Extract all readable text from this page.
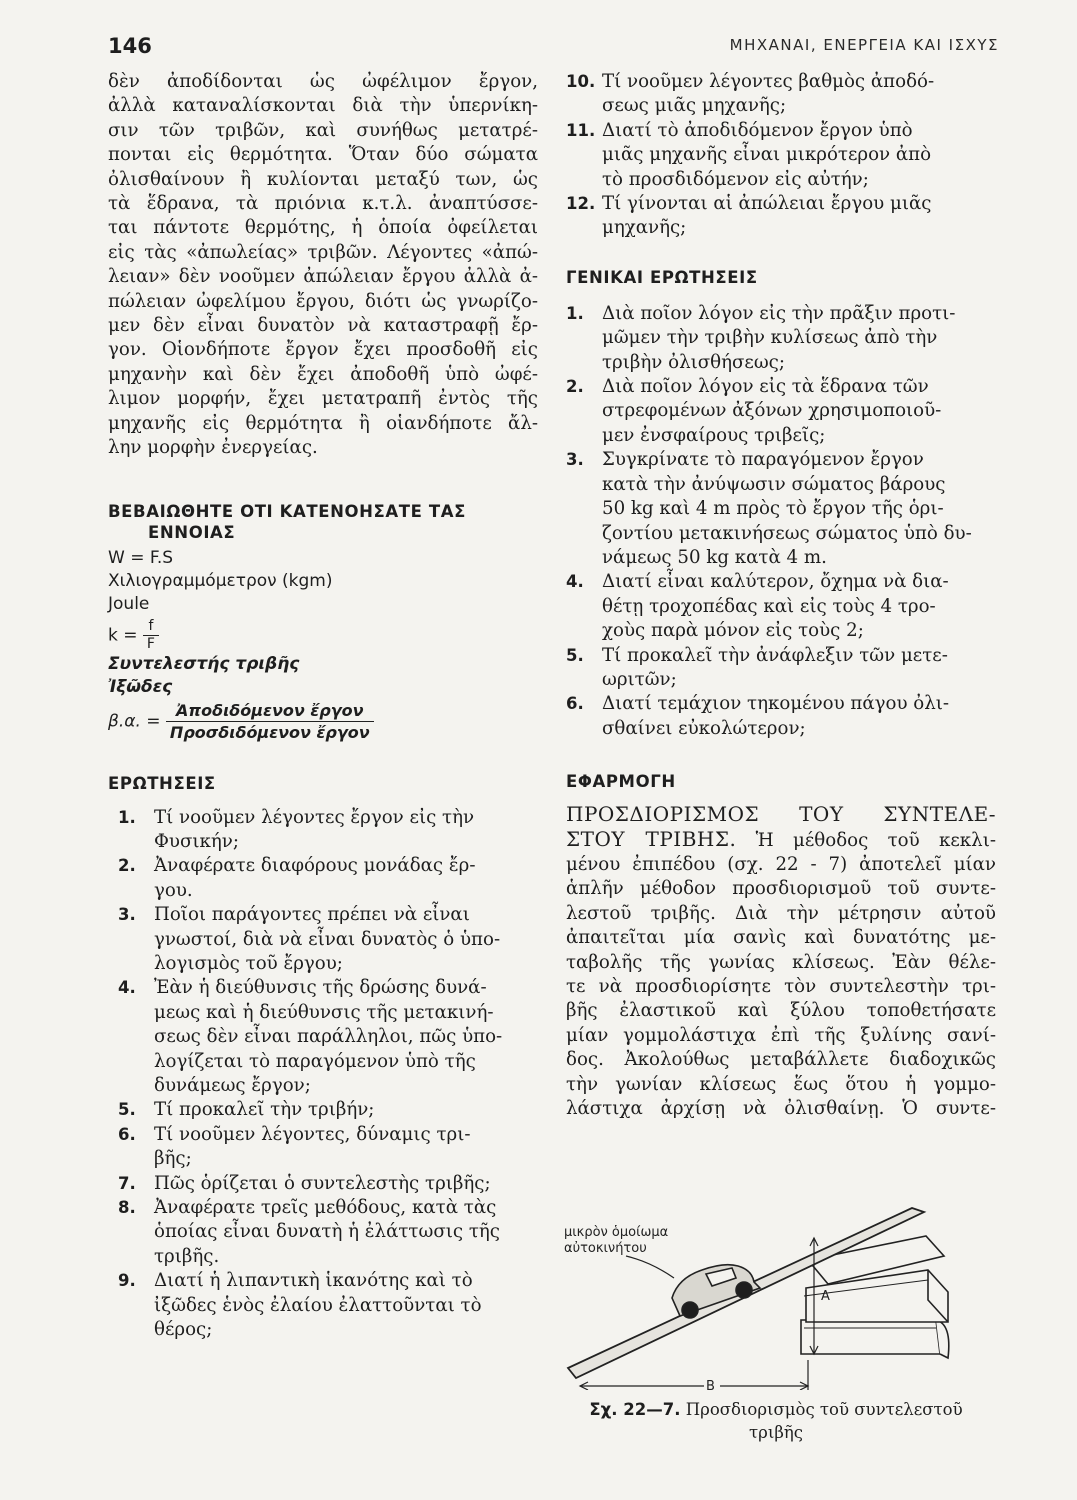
146	ΜΗΧΑΝΑΙ, ΕΝΕΡΓΕΙΑ ΚΑΙ ΙΣΧΥΣ
δὲν ἀποδίδονται ὡς ὠφέλιμον ἔργον,
ἀλλὰ καταναλίσκονται διὰ τὴν ὑπερνίκη-
σιν τῶν τριβῶν, καὶ συνήθως μετατρέ-
πονται εἰς θερμότητα. Ὅταν δύο σώματα
ὀλισθαίνουν ἢ κυλίονται μεταξύ των, ὡς
τὰ ἕδρανα, τὰ πριόνια κ.τ.λ. ἀναπτύσσε-
ται πάντοτε θερμότης, ἡ ὁποία ὀφείλεται
εἰς τὰς «ἀπωλείας» τριβῶν. Λέγοντες «ἀπώ-
λειαν» δὲν νοοῦμεν ἀπώλειαν ἔργου ἀλλὰ ἀ-
πώλειαν ὠφελίμου ἔργου, διότι ὡς γνωρίζο-
μεν δὲν εἶναι δυνατὸν νὰ καταστραφῇ ἔρ-
γον. Οἱονδήποτε ἔργον ἔχει προσδοθῆ εἰς
μηχανὴν καὶ δὲν ἔχει ἀποδοθῆ ὑπὸ ὠφέ-
λιμον μορφήν, ἔχει μετατραπῆ ἐντὸς τῆς
μηχανῆς εἰς θερμότητα ἢ οἱανδήποτε ἄλ-
λην μορφὴν ἐνεργείας.
ΒΕΒΑΙΩΘΗΤΕ ΟΤΙ ΚΑΤΕΝΟΗΣΑΤΕ ΤΑΣ
ΕΝΝΟΙΑΣ
W = F.S
Χιλιογραμμόμετρον (kgm)
Joule
$k = \frac{f}{F}$
Συντελεστής τριβῆς
Ἰξῶδες
β.α. = $\frac{\text{Ἀποδιδόμενον ἔργον}}{\text{Προσδιδόμενον ἔργον}}$
ΕΡΩΤΗΣΕΙΣ
1. Τί νοοῦμεν λέγοντες ἔργον εἰς τὴν
Φυσικήν;
2. Ἀναφέρατε διαφόρους μονάδας ἔρ-
γου.
3. Ποῖοι παράγοντες πρέπει νὰ εἶναι
γνωστοί, διὰ νὰ εἶναι δυνατὸς ὁ ὑπο-
λογισμὸς τοῦ ἔργου;
4. Ἐὰν ἡ διεύθυνσις τῆς δρώσης δυνά-
μεως καὶ ἡ διεύθυνσις τῆς μετακινή-
σεως δὲν εἶναι παράλληλοι, πῶς ὑπο-
λογίζεται τὸ παραγόμενον ὑπὸ τῆς
δυνάμεως ἔργον;
5. Τί προκαλεῖ τὴν τριβήν;
6. Τί νοοῦμεν λέγοντες, δύναμις τρι-
βῆς;
7. Πῶς ὁρίζεται ὁ συντελεστὴς τριβῆς;
8. Ἀναφέρατε τρεῖς μεθόδους, κατὰ τὰς
ὁποίας εἶναι δυνατὴ ἡ ἐλάττωσις τῆς
τριβῆς.
9. Διατί ἡ λιπαντικὴ ἱκανότης καὶ τὸ
ἰξῶδες ἑνὸς ἐλαίου ἐλαττοῦνται τὸ
θέρος;
10. Τί νοοῦμεν λέγοντες βαθμὸς ἀποδό-
σεως μιᾶς μηχανῆς;
11. Διατί τὸ ἀποδιδόμενον ἔργον ὑπὸ
μιᾶς μηχανῆς εἶναι μικρότερον ἀπὸ
τὸ προσδιδόμενον εἰς αὐτήν;
12. Τί γίνονται αἱ ἀπώλειαι ἔργου μιᾶς
μηχανῆς;
ΓΕΝΙΚΑΙ ΕΡΩΤΗΣΕΙΣ
1. Διὰ ποῖον λόγον εἰς τὴν πρᾶξιν προτι-
μῶμεν τὴν τριβὴν κυλίσεως ἀπὸ τὴν
τριβὴν ὀλισθήσεως;
2. Διὰ ποῖον λόγον εἰς τὰ ἕδρανα τῶν
στρεφομένων ἀξόνων χρησιμοποιοῦ-
μεν ἐνσφαίρους τριβεῖς;
3. Συγκρίνατε τὸ παραγόμενον ἔργον
κατὰ τὴν ἀνύψωσιν σώματος βάρους
50 kg καὶ 4 m πρὸς τὸ ἔργον τῆς ὁρι-
ζοντίου μετακινήσεως σώματος ὑπὸ δυ-
νάμεως 50 kg κατὰ 4 m.
4. Διατί εἶναι καλύτερον, ὄχημα νὰ δια-
θέτῃ τροχοπέδας καὶ εἰς τοὺς 4 τρο-
χοὺς παρὰ μόνον εἰς τοὺς 2;
5. Τί προκαλεῖ τὴν ἀνάφλεξιν τῶν μετε-
ωριτῶν;
6. Διατί τεμάχιον τηκομένου πάγου ὀλι-
σθαίνει εὐκολώτερον;
ΕΦΑΡΜΟΓΗ
ΠΡΟΣΔΙΟΡΙΣΜΟΣ ΤΟΥ ΣΥΝΤΕΛΕ-
ΣΤΟΥ ΤΡΙΒΗΣ. Ἡ μέθοδος τοῦ κεκλι-
μένου ἐπιπέδου (σχ. 22 - 7) ἀποτελεῖ μίαν
ἁπλῆν μέθοδον προσδιορισμοῦ τοῦ συντε-
λεστοῦ τριβῆς. Διὰ τὴν μέτρησιν αὐτοῦ
ἀπαιτεῖται μία σανὶς καὶ δυνατότης με-
ταβολῆς τῆς γωνίας κλίσεως. Ἐὰν θέλε-
τε νὰ προσδιορίσητε τὸν συντελεστὴν τρι-
βῆς ἐλαστικοῦ καὶ ξύλου τοποθετήσατε
μίαν γομμολάστιχα ἐπὶ τῆς ξυλίνης σανί-
δος. Ἀκολούθως μεταβάλλετε διαδοχικῶς
τὴν γωνίαν κλίσεως ἕως ὅτου ἡ γομμο-
λάστιχα ἀρχίσῃ νὰ ὀλισθαίνῃ. Ὁ συντε-
μικρὸν ὁμοίωμα
αὐτοκινήτου
A
B
Σχ. 22—7. Προσδιορισμὸς τοῦ συντελεστοῦ
τριβῆς
